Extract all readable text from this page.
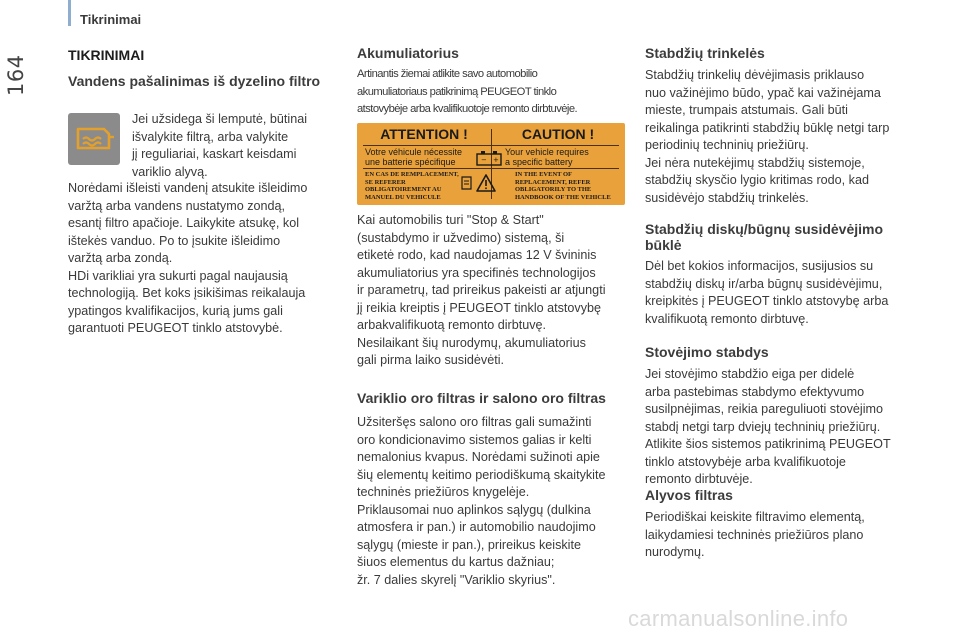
164
Tikrinimai
TIKRINIMAI
Vandens pašalinimas iš dyzelino filtro

Jei užsidega ši lemputė, būtinai
išvalykite filtrą, arba valykite
jį reguliariai, kaskart keisdami
variklio alyvą.

Norėdami išleisti vandenį atsukite išleidimo
varžtą arba vandens nustatymo zondą,
esantį filtro apačioje. Laikykite atsukę, kol
ištekės vanduo. Po to įsukite išleidimo
varžtą arba zondą.
HDi varikliai yra sukurti pagal naujausią
technologiją. Bet koks įsikišimas reikalauja
ypatingos kvalifikacijos, kurią jums gali
garantuoti PEUGEOT tinklo atstovybė.

Akumuliatorius

Artinantis žiemai atlikite savo automobilio
akumuliatoriaus patikrinimą PEUGEOT tinklo
atstovybėje arba kvalifikuotoje remonto dirbtuvėje.

ATTENTION !
Votre véhicule nécessite
une batterie spécifique
EN CAS DE REMPLACEMENT,
SE REFERER
OBLIGATOIREMENT AU
MANUEL DU VEHICULE
CAUTION !
Your vehicle requires
a specific battery
IN THE EVENT OF
REPLACEMENT, REFER
OBLIGATORILY TO THE
HANDBOOK OF THE VEHICLE
− +

Kai automobilis turi "Stop & Start"
(sustabdymo ir užvedimo) sistemą, ši
etiketė rodo, kad naudojamas 12 V švininis
akumuliatorius yra specifinės technologijos
ir parametrų, tad prireikus pakeisti ar atjungti
jį reikia kreiptis į PEUGEOT tinklo atstovybę
arbakvalifikuotą remonto dirbtuvę.
Nesilaikant šių nurodymų, akumuliatorius
gali pirma laiko susidėvėti.

Variklio oro filtras ir salono oro filtras

Užsiteršęs salono oro filtras gali sumažinti
oro kondicionavimo sistemos galias ir kelti
nemalonius kvapus. Norėdami sužinoti apie
šių elementų keitimo periodiškumą skaitykite
techninės priežiūros knygelėje.
Priklausomai nuo aplinkos sąlygų (dulkina
atmosfera ir pan.) ir automobilio naudojimo
sąlygų (mieste ir pan.), prireikus keiskite
šiuos elementus du kartus dažniau;
žr. 7 dalies skyrelį "Variklio skyrius".

Stabdžių trinkelės

Stabdžių trinkelių dėvėjimasis priklauso
nuo važinėjimo būdo, ypač kai važinėjama
mieste, trumpais atstumais. Gali būti
reikalinga patikrinti stabdžių būklę netgi tarp
periodinių techninių priežiūrų.
Jei nėra nutekėjimų stabdžių sistemoje,
stabdžių skysčio lygio kritimas rodo, kad
susidėvėjo stabdžių trinkelės.

Stabdžių diskų/būgnų susidėvėjimo
būklė

Dėl bet kokios informacijos, susijusios su
stabdžių diskų ir/arba būgnų susidėvėjimu,
kreipkitės į PEUGEOT tinklo atstovybę arba
kvalifikuotą remonto dirbtuvę.

Stovėjimo stabdys

Jei stovėjimo stabdžio eiga per didelė
arba pastebimas stabdymo efektyvumo
susilpnėjimas, reikia pareguliuoti stovėjimo
stabdį netgi tarp dviejų techninių priežiūrų.
Atlikite šios sistemos patikrinimą PEUGEOT
tinklo atstovybėje arba kvalifikuotoje
remonto dirbtuvėje.

Alyvos filtras

Periodiškai keiskite filtravimo elementą,
laikydamiesi techninės priežiūros plano
nurodymų.

carmanualsonline.info
